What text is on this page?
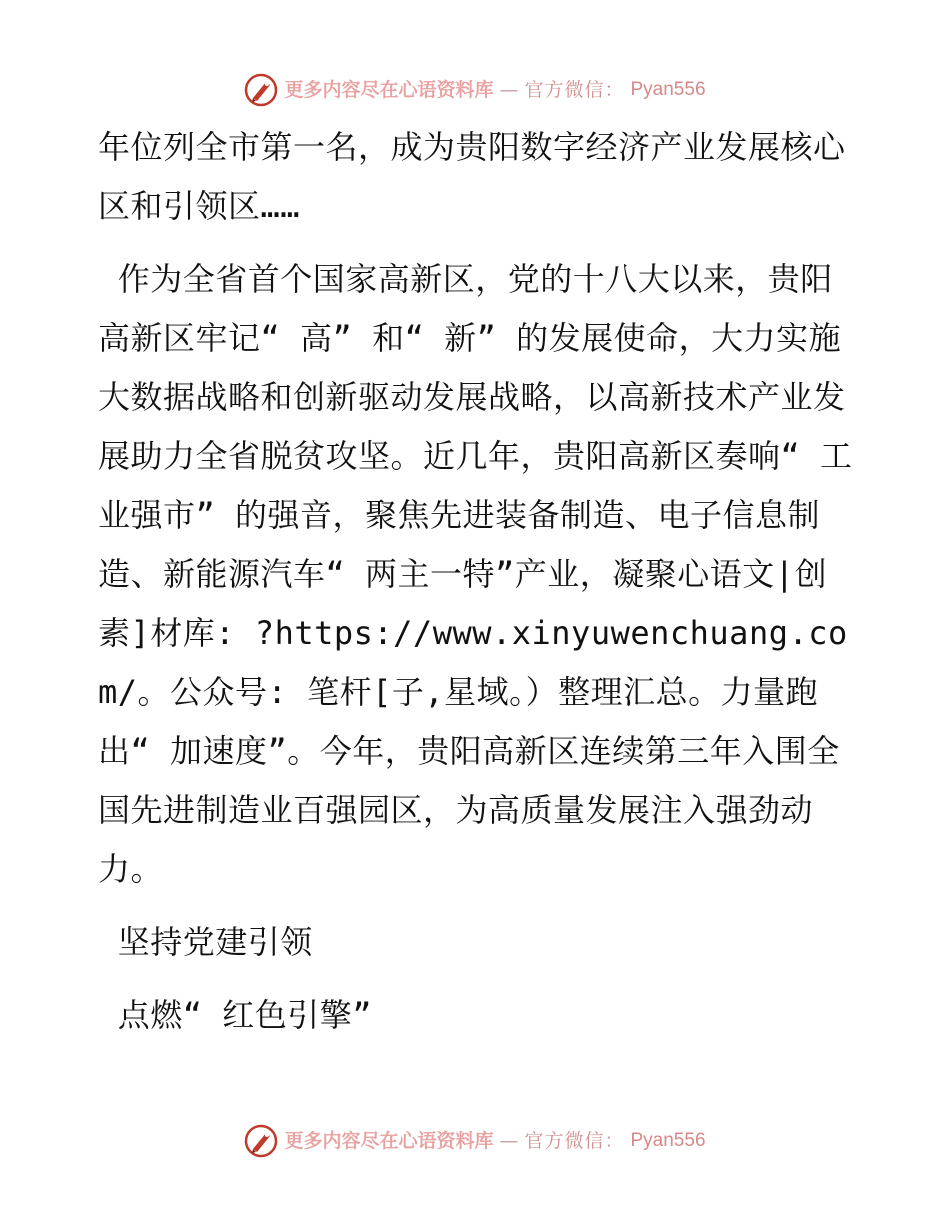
更多内容尽在心语资料库 — 官方微信： Pyan556

年位列全市第一名，成为贵阳数字经济产业发展核心区和引领区……

作为全省首个国家高新区，党的十八大以来，贵阳高新区牢记“ 高” 和“ 新” 的发展使命，大力实施大数据战略和创新驱动发展战略，以高新技术产业发展助力全省脱贫攻坚。近几年，贵阳高新区奏响“ 工业强市” 的强音，聚焦先进装备制造、电子信息制造、新能源汽车“ 两主一特”产业，凝聚心语文|创素]材库: ?https://www.xinyuwenchuang.com/。公众号: 笔杆[子,星域。）整理汇总。力量跑出“ 加速度”。今年，贵阳高新区连续第三年入围全国先进制造业百强园区，为高质量发展注入强劲动力。

坚持党建引领

点燃“ 红色引擎”

更多内容尽在心语资料库 — 官方微信： Pyan556
